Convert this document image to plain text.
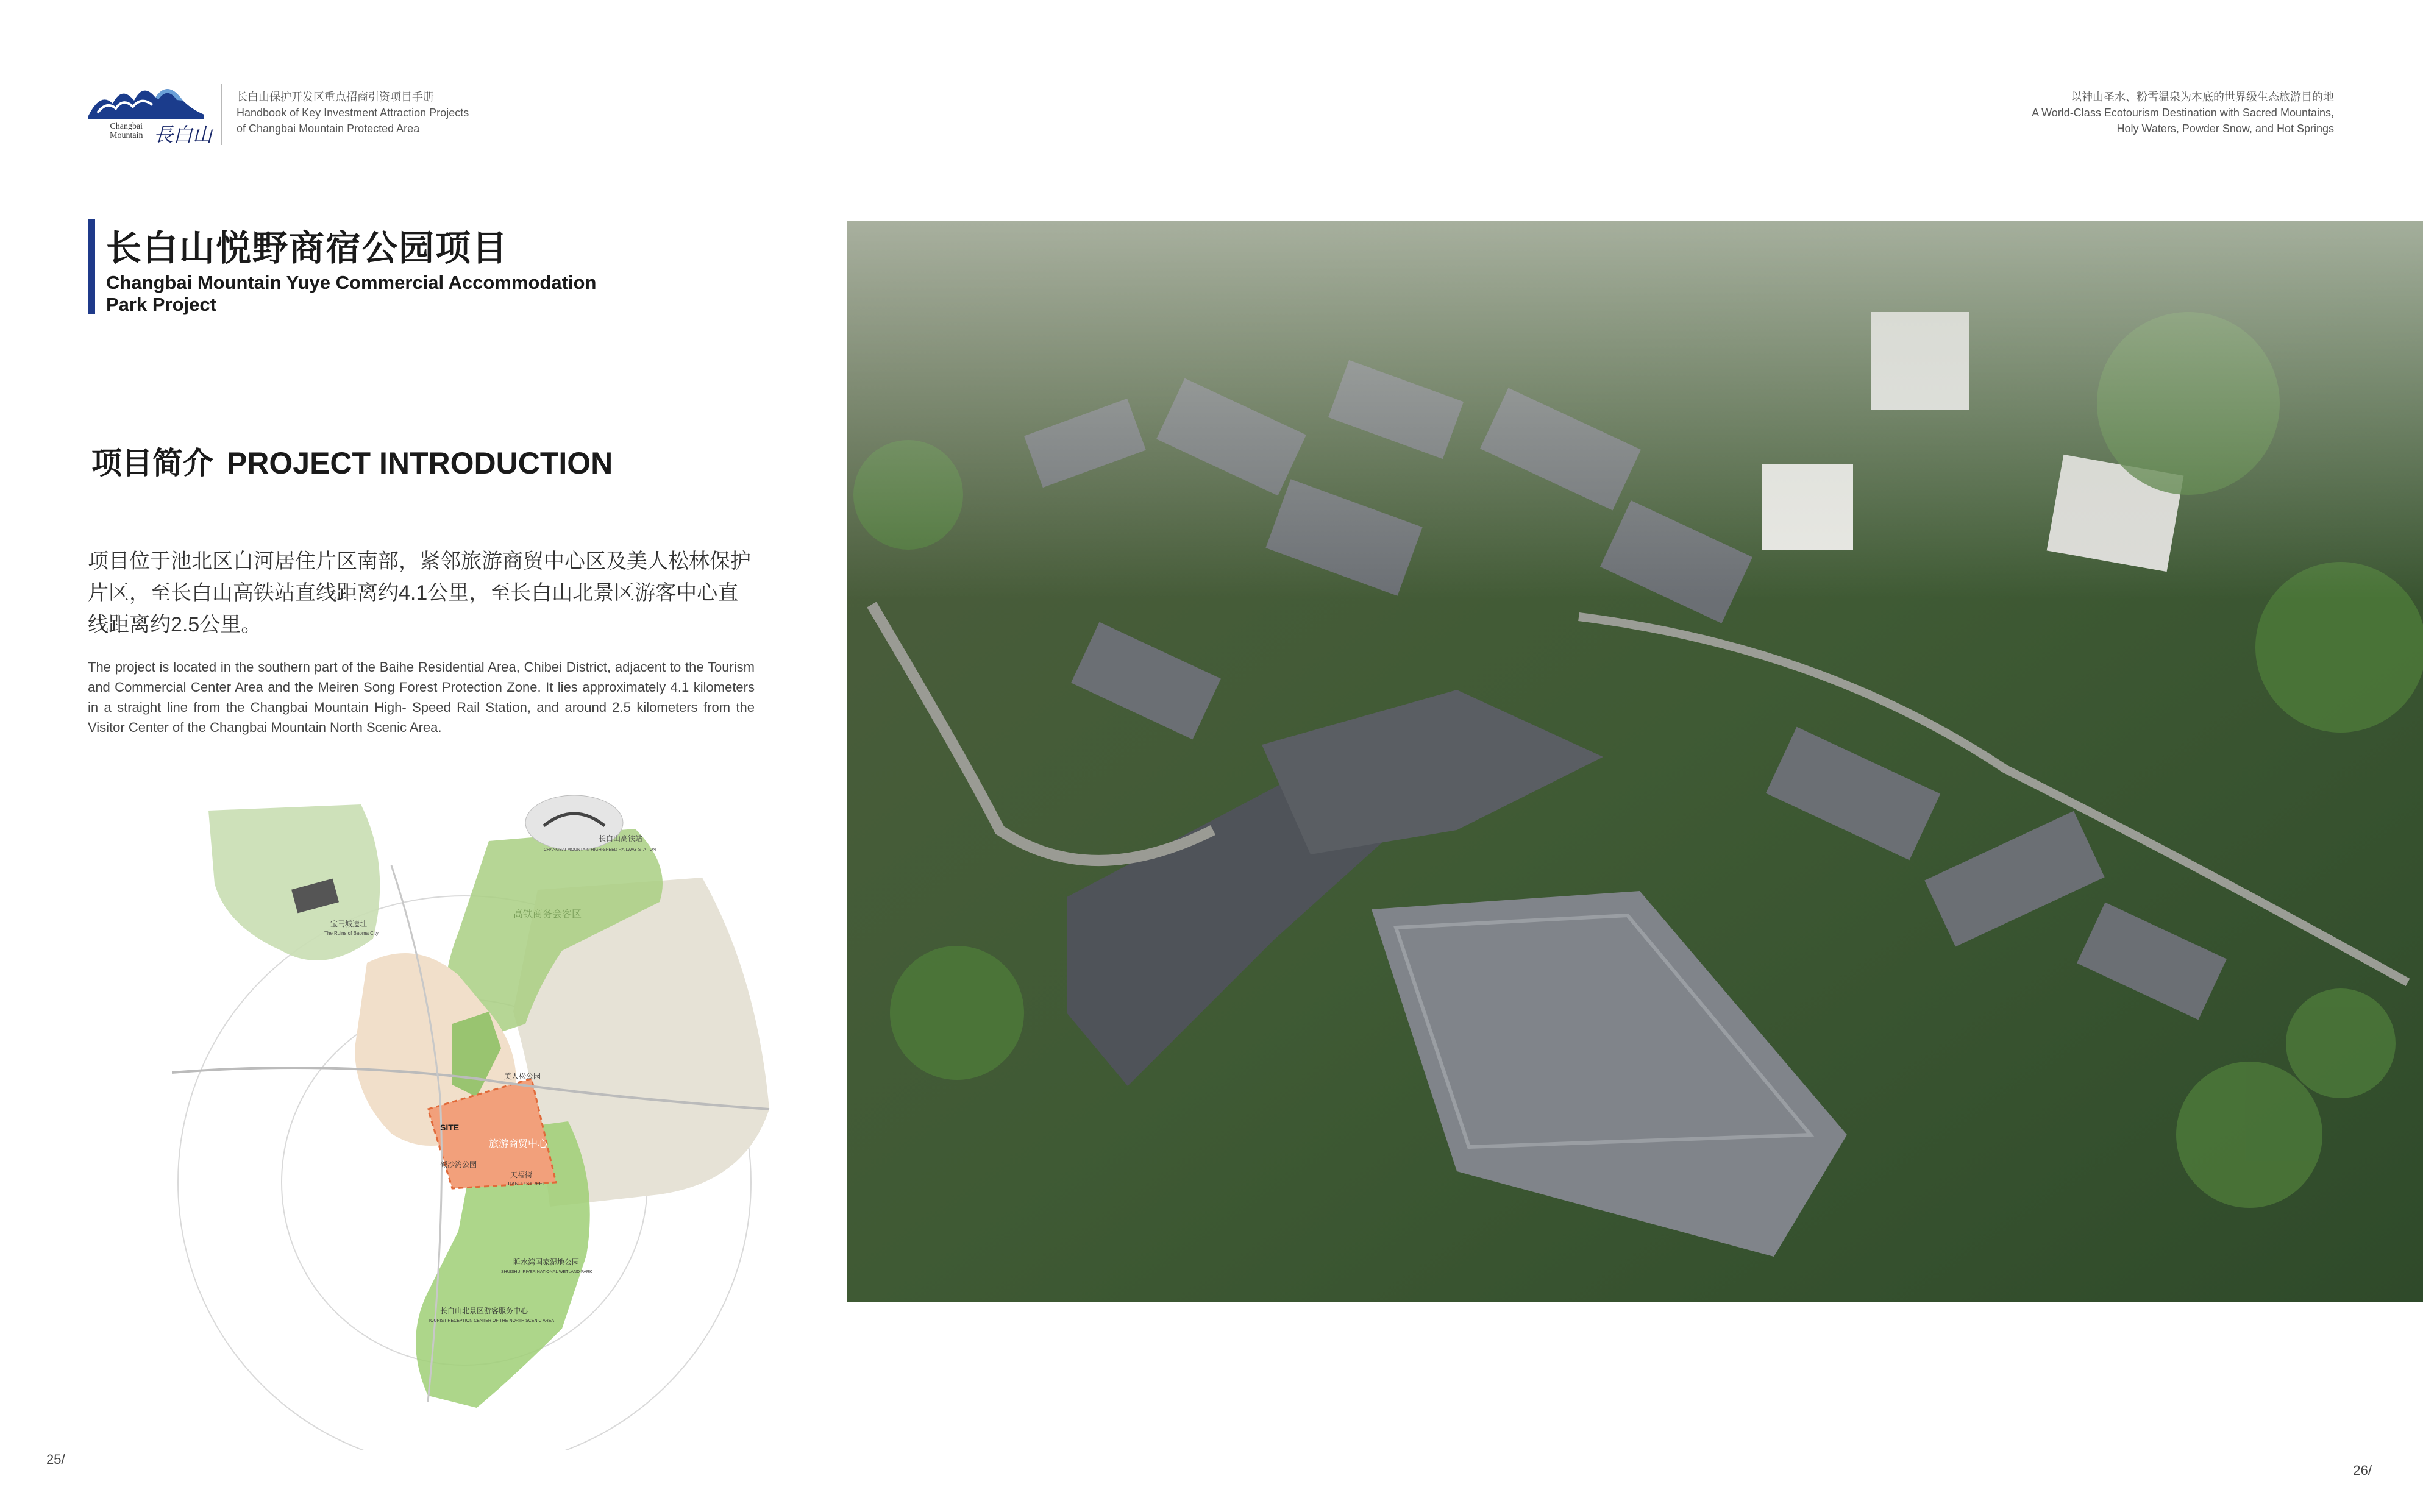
Changbai
Mountain 長白山
长白山保护开发区重点招商引资项目手册
Handbook of Key Investment Attraction Projects
of Changbai Mountain Protected Area
以神山圣水、粉雪温泉为本底的世界级生态旅游目的地
A World-Class Ecotourism Destination with Sacred Mountains,
Holy Waters, Powder Snow, and Hot Springs
长白山悦野商宿公园项目
Changbai Mountain Yuye Commercial Accommodation Park Project
项目简介 PROJECT INTRODUCTION
项目位于池北区白河居住片区南部，紧邻旅游商贸中心区及美人松林保护片区，至长白山高铁站直线距离约4.1公里，至长白山北景区游客中心直线距离约2.5公里。
The project is located in the southern part of the Baihe Residential Area, Chibei District, adjacent to the Tourism and Commercial Center Area and the Meiren Song Forest Protection Zone. It lies approximately 4.1 kilometers in a straight line from the Changbai Mountain High- Speed Rail Station, and around 2.5 kilometers from the Visitor Center of the Changbai Mountain North Scenic Area.
长白山高铁站
CHANGBAI MOUNTAIN HIGH-SPEED RAILWAY STATION
宝马城遗址
The Ruins of Baoma City
高铁商务会客区
美人松公园
SITE
旅游商贸中心
碱沙湾公园
天福街
TIANFU STREET
睡水湾国家湿地公园
SHUISHUI RIVER NATIONAL WETLAND PARK
长白山北景区游客服务中心
TOURIST RECEPTION CENTER OF THE NORTH SCENIC AREA
25/
26/
